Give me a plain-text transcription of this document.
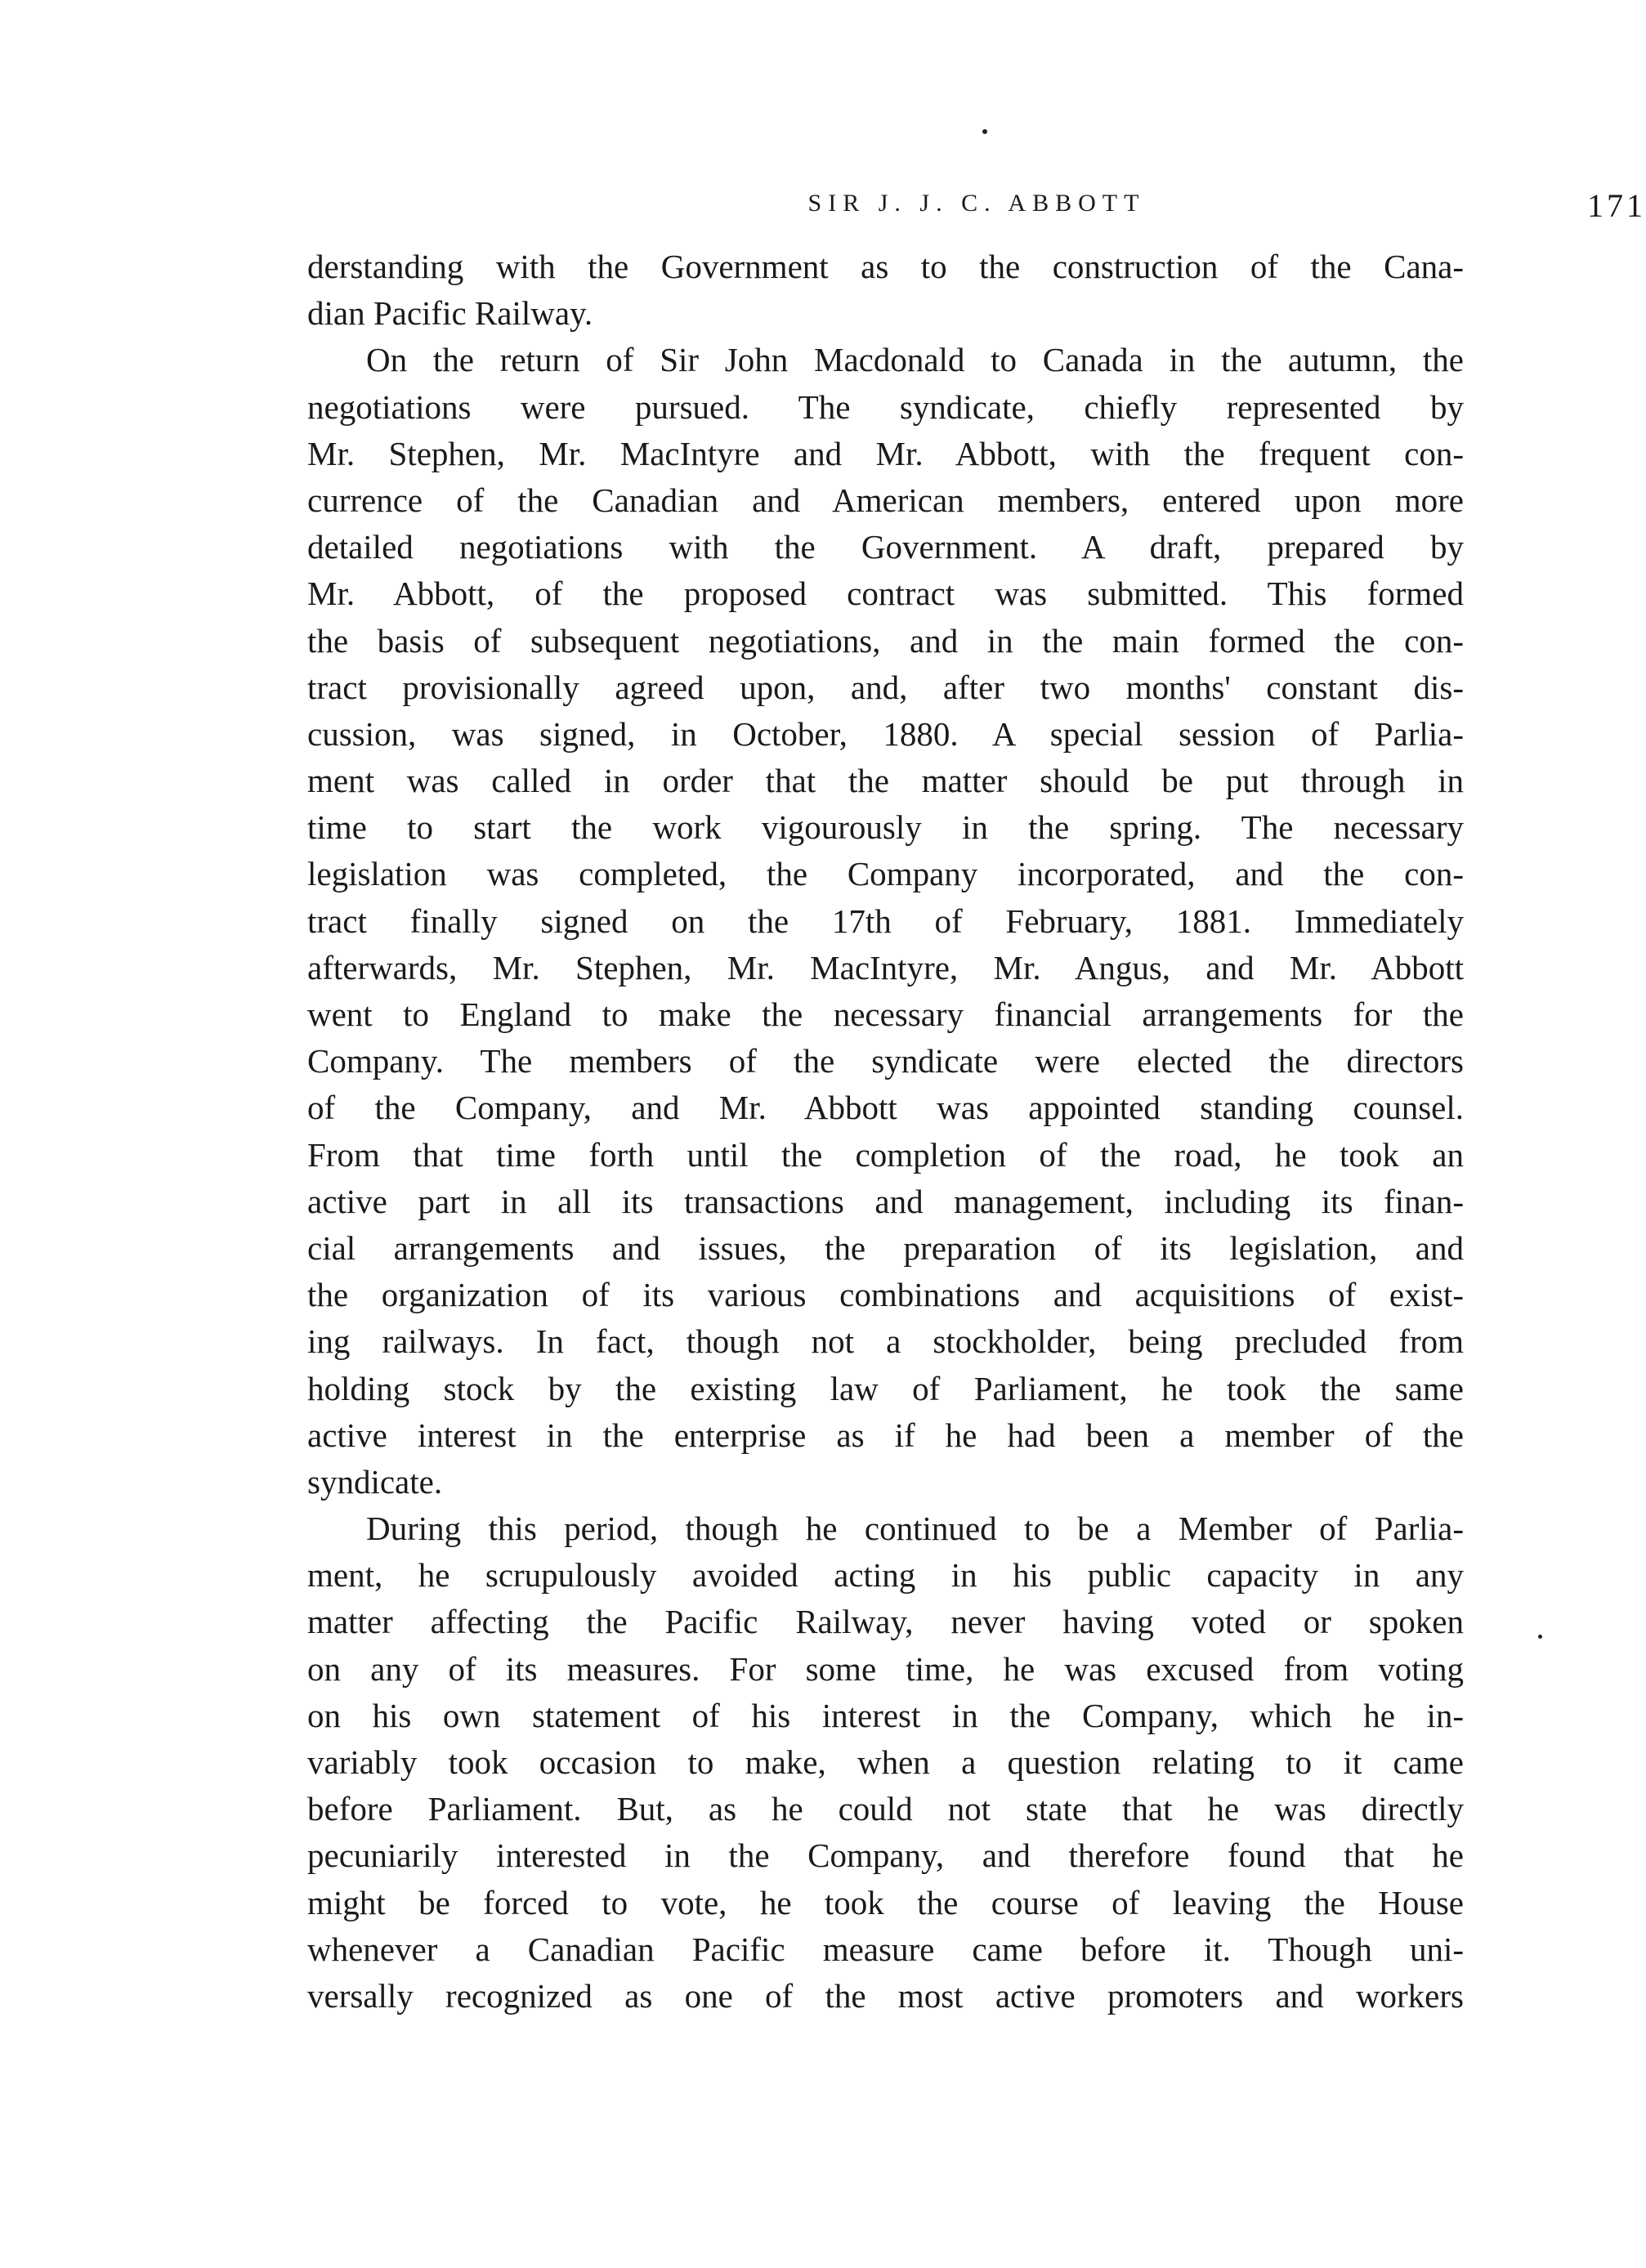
SIR J. J. C. ABBOTT	171
derstanding with the Government as to the construction of the Cana-
dian Pacific Railway.
On the return of Sir John Macdonald to Canada in the autumn, the
negotiations were pursued. The syndicate, chiefly represented by
Mr. Stephen, Mr. MacIntyre and Mr. Abbott, with the frequent con-
currence of the Canadian and American members, entered upon more
detailed negotiations with the Government. A draft, prepared by
Mr. Abbott, of the proposed contract was submitted. This formed
the basis of subsequent negotiations, and in the main formed the con-
tract provisionally agreed upon, and, after two months' constant dis-
cussion, was signed, in October, 1880. A special session of Parlia-
ment was called in order that the matter should be put through in
time to start the work vigourously in the spring. The necessary
legislation was completed, the Company incorporated, and the con-
tract finally signed on the 17th of February, 1881. Immediately
afterwards, Mr. Stephen, Mr. MacIntyre, Mr. Angus, and Mr. Abbott
went to England to make the necessary financial arrangements for the
Company. The members of the syndicate were elected the directors
of the Company, and Mr. Abbott was appointed standing counsel.
From that time forth until the completion of the road, he took an
active part in all its transactions and management, including its finan-
cial arrangements and issues, the preparation of its legislation, and
the organization of its various combinations and acquisitions of exist-
ing railways. In fact, though not a stockholder, being precluded from
holding stock by the existing law of Parliament, he took the same
active interest in the enterprise as if he had been a member of the
syndicate.
During this period, though he continued to be a Member of Parlia-
ment, he scrupulously avoided acting in his public capacity in any
matter affecting the Pacific Railway, never having voted or spoken
on any of its measures. For some time, he was excused from voting
on his own statement of his interest in the Company, which he in-
variably took occasion to make, when a question relating to it came
before Parliament. But, as he could not state that he was directly
pecuniarily interested in the Company, and therefore found that he
might be forced to vote, he took the course of leaving the House
whenever a Canadian Pacific measure came before it. Though uni-
versally recognized as one of the most active promoters and workers
